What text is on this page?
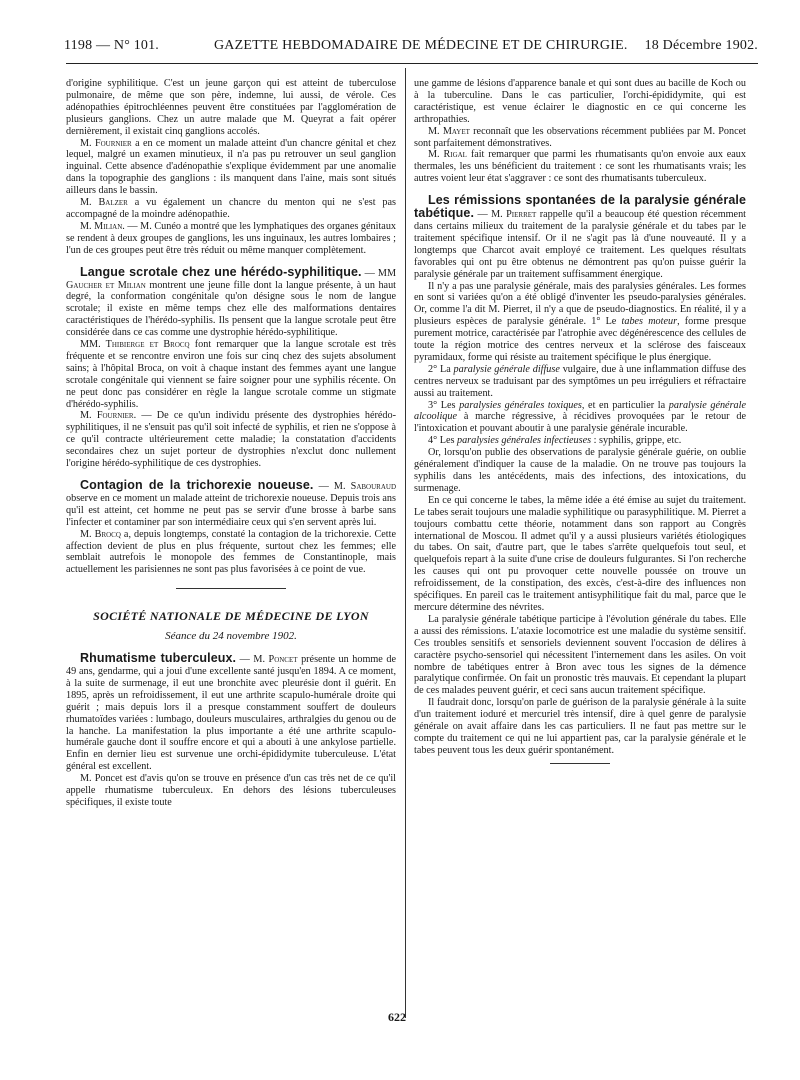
1198 — N° 101.	GAZETTE HEBDOMADAIRE DE MÉDECINE ET DE CHIRURGIE. 18 Décembre 1902.

d'origine syphilitique. C'est un jeune garçon qui est atteint de tuberculose pulmonaire, de même que son père, indemne, lui aussi, de vérole. Ces adénopathies épitrochléennes peuvent être constituées par l'agglomération de plusieurs ganglions. Chez un autre malade que M. Queyrat a fait opérer dernièrement, il existait cinq ganglions accolés.

M. Fournier a en ce moment un malade atteint d'un chancre génital et chez lequel, malgré un examen minutieux, il n'a pas pu retrouver un seul ganglion inguinal. Cette absence d'adénopathie s'explique évidemment par une anomalie dans la topographie des ganglions : ils manquent dans l'aine, mais sont situés ailleurs dans le bassin.

M. Balzer a vu également un chancre du menton qui ne s'est pas accompagné de la moindre adénopathie.

M. Milian. — M. Cunéo a montré que les lymphatiques des organes génitaux se rendent à deux groupes de ganglions, les uns inguinaux, les autres lombaires ; l'un de ces groupes peut être très réduit ou même manquer complètement.

Langue scrotale chez une hérédo-syphilitique. — MM Gaucher et Milian montrent une jeune fille dont la langue présente, à un haut degré, la conformation congénitale qu'on désigne sous le nom de langue scrotale; il existe en même temps chez elle des malformations dentaires caractéristiques de l'hérédo-syphilis. Ils pensent que la langue scrotale peut être considérée dans ce cas comme une dystrophie hérédo-syphilitique.

MM. Thibierge et Brocq font remarquer que la langue scrotale est très fréquente et se rencontre environ une fois sur cinq chez des sujets absolument sains; à l'hôpital Broca, on voit à chaque instant des femmes ayant une langue scrotale congénitale qui viennent se faire soigner pour une syphilis récente. On ne peut donc pas considérer en règle la langue scrotale comme un stigmate d'hérédo-syphilis.

M. Fournier. — De ce qu'un individu présente des dystrophies hérédo-syphilitiques, il ne s'ensuit pas qu'il soit infecté de syphilis, et rien ne s'oppose à ce qu'il contracte ultérieurement cette maladie; la constatation d'accidents secondaires chez un sujet porteur de dystrophies n'exclut donc nullement l'origine hérédo-syphilitique de ces dystrophies.

Contagion de la trichorexie noueuse. — M. Sabouraud observe en ce moment un malade atteint de trichorexie noueuse. Depuis trois ans qu'il est atteint, cet homme ne peut pas se servir d'une brosse à barbe sans l'infecter et contaminer par son intermédiaire ceux qui s'en servent après lui.

M. Brocq a, depuis longtemps, constaté la contagion de la trichorexie. Cette affection devient de plus en plus fréquente, surtout chez les femmes; elle semblait autrefois le monopole des femmes de Constantinople, mais actuellement les parisiennes ne sont pas plus favorisées à ce point de vue.

SOCIÉTÉ NATIONALE DE MÉDECINE DE LYON
Séance du 24 novembre 1902.

Rhumatisme tuberculeux. — M. Poncet présente un homme de 49 ans, gendarme, qui a joui d'une excellente santé jusqu'en 1894. A ce moment, à la suite de surmenage, il eut une bronchite avec pleurésie dont il guérit. En 1895, après un refroidissement, il eut une arthrite scapulo-humérale droite qui guérit ; mais depuis lors il a presque constamment souffert de douleurs rhumatoïdes variées : lumbago, douleurs musculaires, arthralgies du genou ou de la hanche. La manifestation la plus importante a été une arthrite scapulo-humérale gauche dont il souffre encore et qui a abouti à une ankylose partielle. Enfin en dernier lieu est survenue une orchi-épididymite tuberculeuse. L'état général est excellent.

M. Poncet est d'avis qu'on se trouve en présence d'un cas très net de ce qu'il appelle rhumatisme tuberculeux. En dehors des lésions tuberculeuses spécifiques, il existe toute

une gamme de lésions d'apparence banale et qui sont dues au bacille de Koch ou à la tuberculine. Dans le cas particulier, l'orchi-épididymite, qui est caractéristique, est venue éclairer le diagnostic en ce qui concerne les arthropathies.

M. Mayet reconnaît que les observations récemment publiées par M. Poncet sont parfaitement démonstratives.

M. Rigal fait remarquer que parmi les rhumatisants qu'on envoie aux eaux thermales, les uns bénéficient du traitement : ce sont les rhumatisants vrais; les autres voient leur état s'aggraver : ce sont des rhumatisants tuberculeux.

Les rémissions spontanées de la paralysie générale tabétique. — M. Pierret rappelle qu'il a beaucoup été question récemment dans certains milieux du traitement de la paralysie générale et du tabes par le traitement spécifique intensif. Or il ne s'agit pas là d'une nouveauté. Il y a longtemps que Charcot avait employé ce traitement. Les quelques résultats favorables qui ont pu être obtenus ne démontrent pas qu'on puisse guérir la paralysie générale par un traitement suffisamment énergique.

Il n'y a pas une paralysie générale, mais des paralysies générales. Les formes en sont si variées qu'on a été obligé d'inventer les pseudo-paralysies générales. Or, comme l'a dit M. Pierret, il n'y a que de pseudo-diagnostics. En réalité, il y a plusieurs espèces de paralysie générale. 1° Le tabes moteur, forme presque purement motrice, caractérisée par l'atrophie avec dégénérescence des cellules de toute la région motrice des centres nerveux et la sclérose des faisceaux pyramidaux, forme qui résiste au traitement spécifique le plus énergique.

2° La paralysie générale diffuse vulgaire, due à une inflammation diffuse des centres nerveux se traduisant par des symptômes un peu irréguliers et réfractaire aussi au traitement.

3° Les paralysies générales toxiques, et en particulier la paralysie générale alcoolique à marche régressive, à récidives provoquées par le retour de l'intoxication et pouvant aboutir à une paralysie générale incurable.

4° Les paralysies générales infectieuses : syphilis, grippe, etc.

Or, lorsqu'on publie des observations de paralysie générale guérie, on oublie généralement d'indiquer la cause de la maladie. On ne trouve pas toujours la syphilis dans les antécédents, mais des infections, des intoxications, du surmenage.

En ce qui concerne le tabes, la même idée a été émise au sujet du traitement. Le tabes serait toujours une maladie syphilitique ou parasyphilitique. M. Pierret a toujours combattu cette théorie, notamment dans son rapport au Congrès international de Moscou. Il admet qu'il y a aussi plusieurs variétés étiologiques du tabes. On sait, d'autre part, que le tabes s'arrête quelquefois tout seul, et quelquefois repart à la suite d'une crise de douleurs fulgurantes. Si l'on recherche les causes qui ont pu provoquer cette nouvelle poussée on trouve un refroidissement, de la constipation, des excès, c'est-à-dire des influences non spécifiques. En pareil cas le traitement antisyphilitique fait du mal, parce que le mercure détermine des névrites.

La paralysie générale tabétique participe à l'évolution générale du tabes. Elle a aussi des rémissions. L'ataxie locomotrice est une maladie du système sensitif. Ces troubles sensitifs et sensoriels deviennent souvent l'occasion de délires à caractère psycho-sensoriel qui nécessitent l'internement dans les asiles. On voit nombre de tabétiques entrer à Bron avec tous les signes de la démence paralytique confirmée. On fait un pronostic très mauvais. Et cependant la plupart de ces malades peuvent guérir, et ceci sans aucun traitement spécifique.

Il faudrait donc, lorsqu'on parle de guérison de la paralysie générale à la suite d'un traitement ioduré et mercuriel très intensif, dire à quel genre de paralysie générale on avait affaire dans les cas particuliers. Il ne faut pas mettre sur le compte du traitement ce qui ne lui appartient pas, car la paralysie générale et le tabes peuvent tous les deux guérir spontanément.

622
